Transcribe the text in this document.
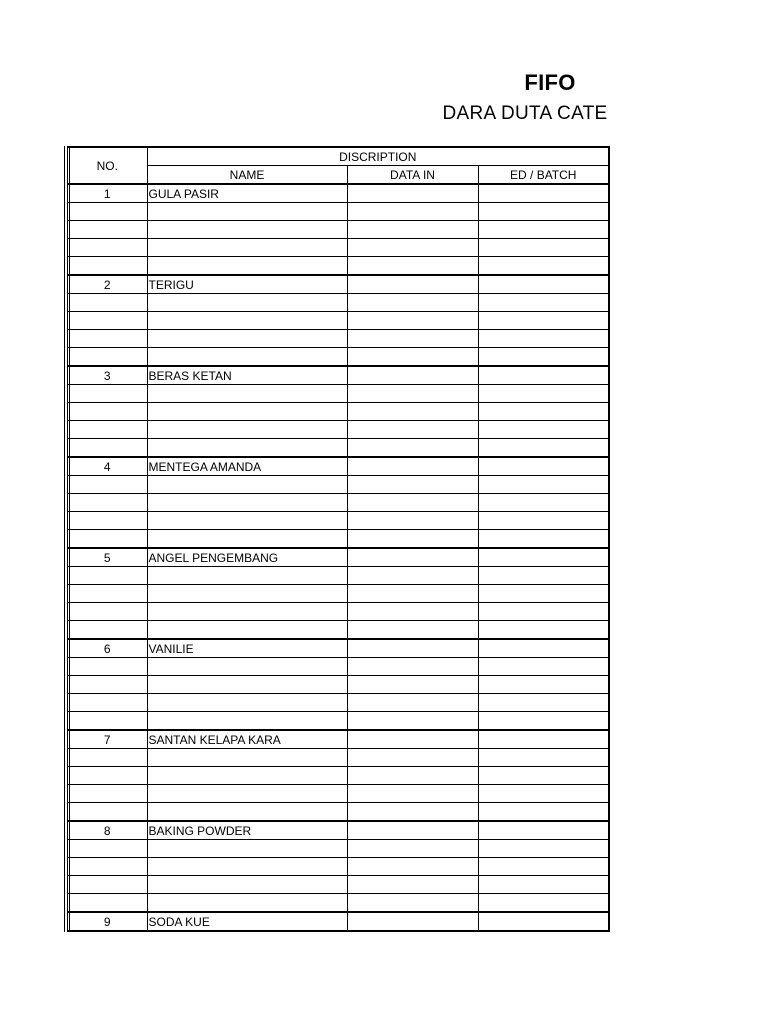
FIFO
DARA DUTA CATE
NO.	DISCRIPTION		
	NAME	DATA IN	ED / BATCH
1	GULA PASIR		

2	TERIGU		

3	BERAS KETAN		

4	MENTEGA AMANDA		

5	ANGEL PENGEMBANG		

6	VANILIE		

7	SANTAN KELAPA KARA		

8	BAKING POWDER		

9	SODA KUE		
